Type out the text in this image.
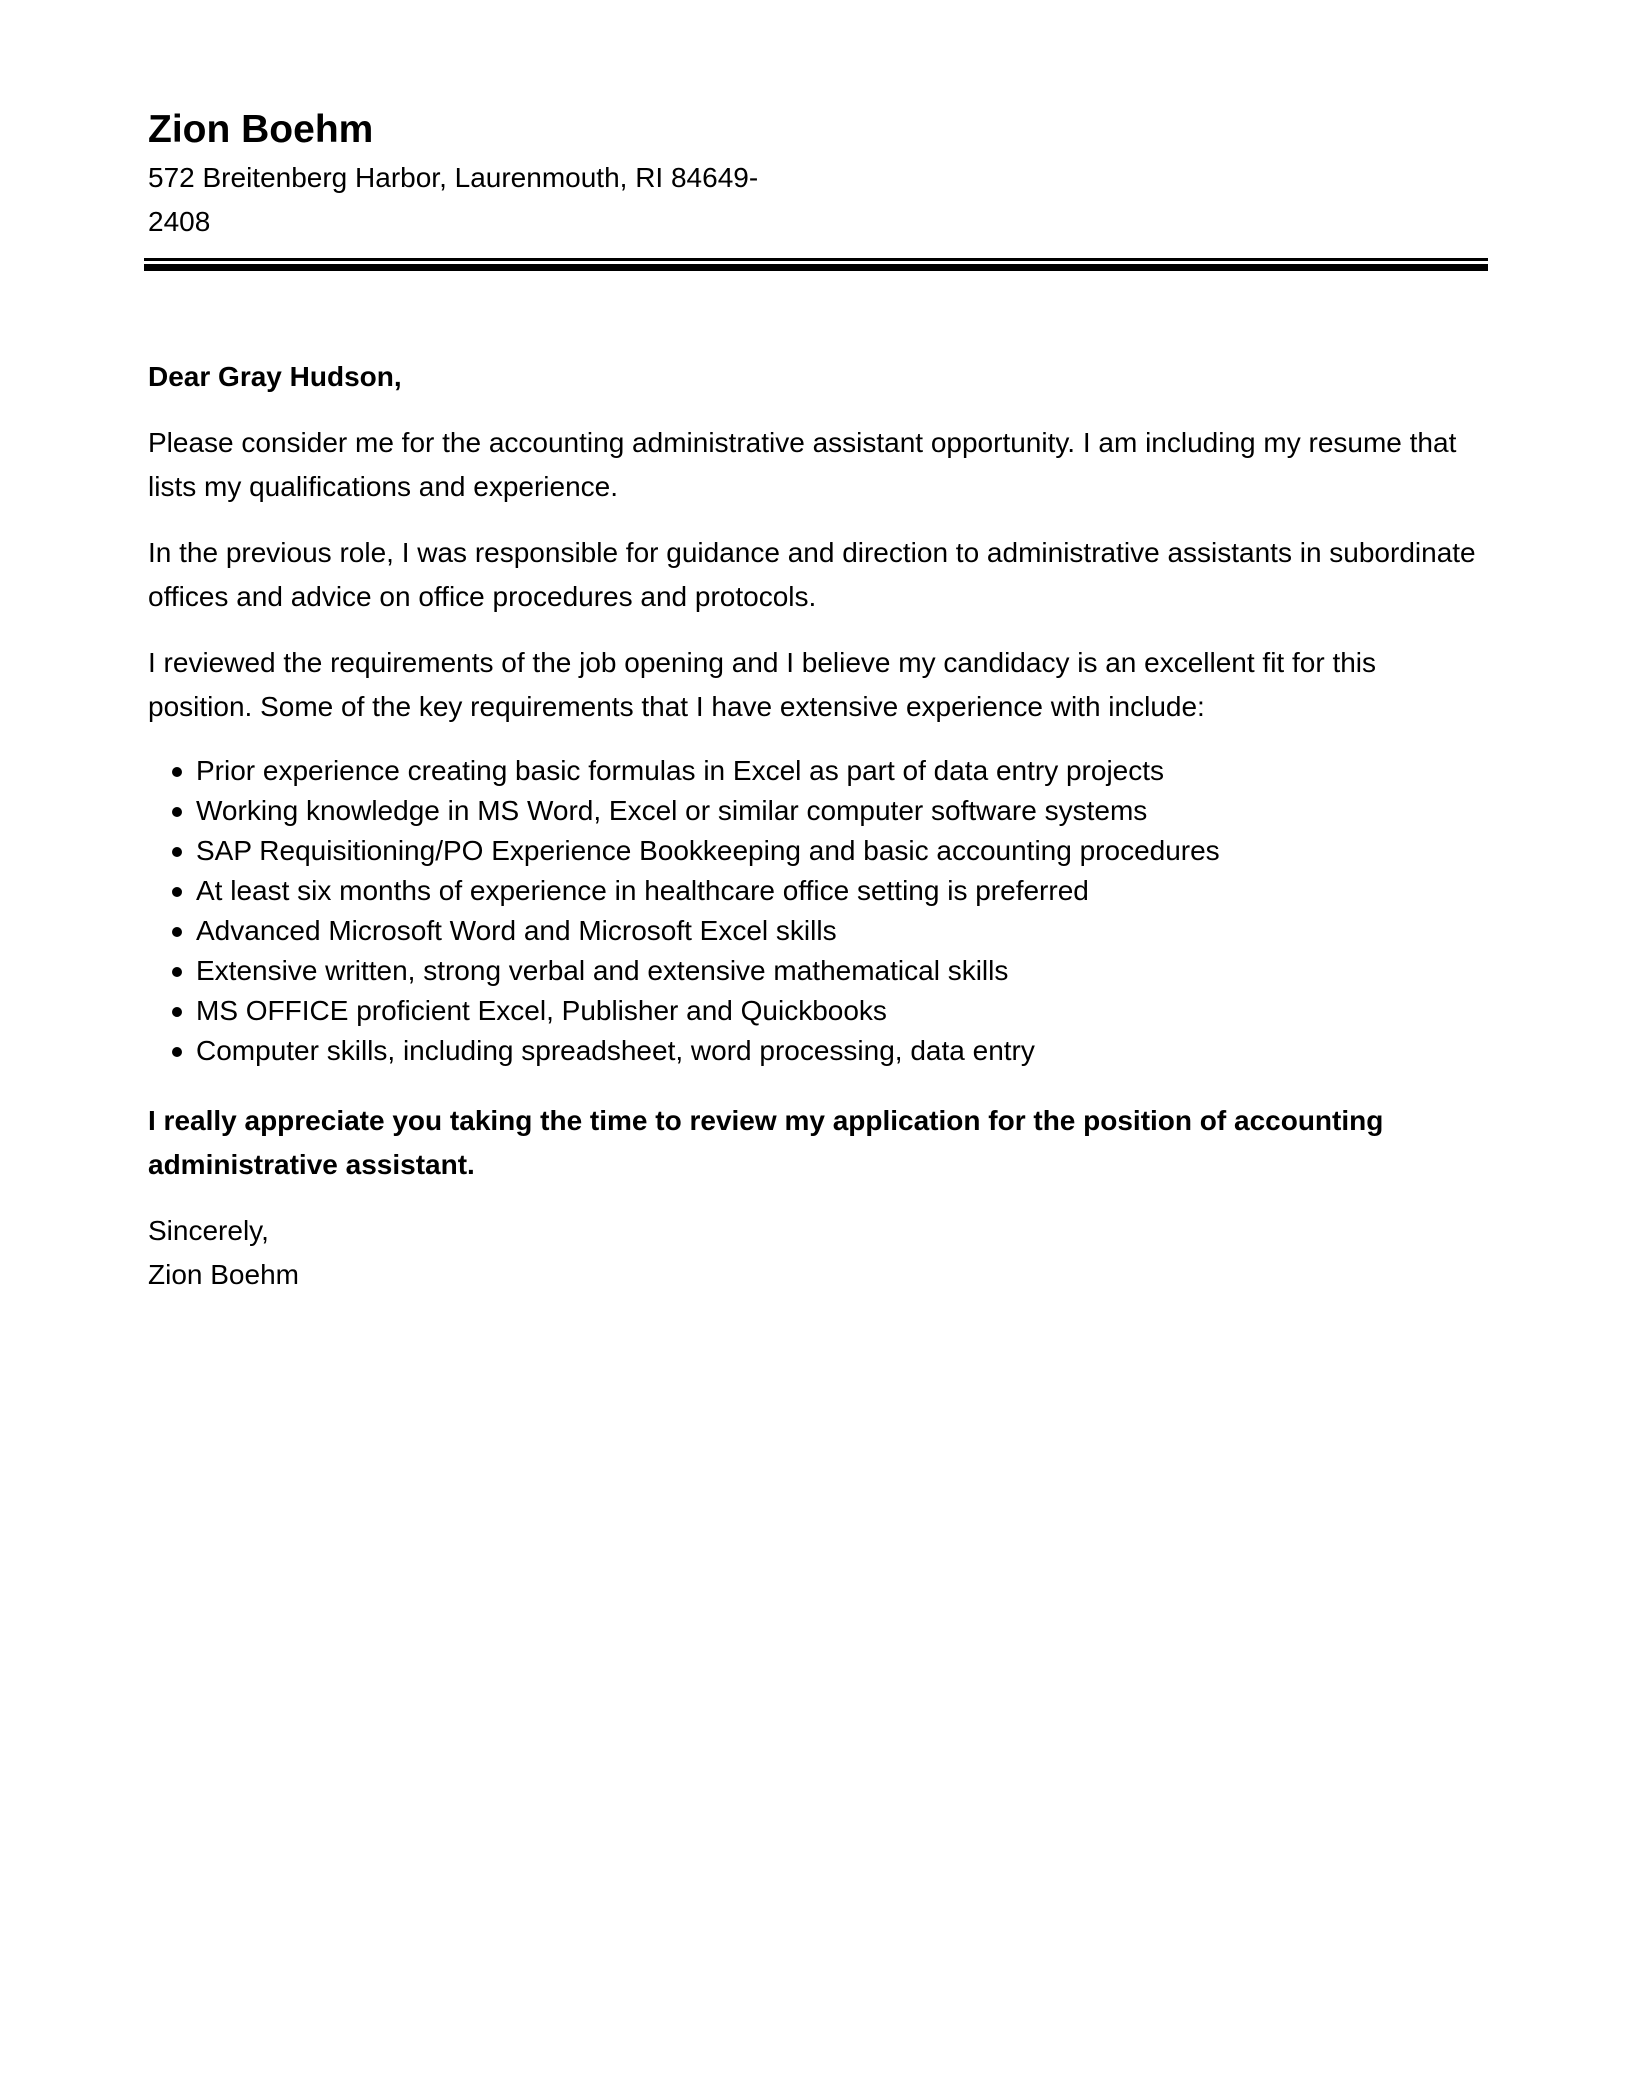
Zion Boehm
572 Breitenberg Harbor, Laurenmouth, RI 84649-
2408

Dear Gray Hudson,

Please consider me for the accounting administrative assistant opportunity. I am including my resume that lists my qualifications and experience.

In the previous role, I was responsible for guidance and direction to administrative assistants in subordinate offices and advice on office procedures and protocols.

I reviewed the requirements of the job opening and I believe my candidacy is an excellent fit for this position. Some of the key requirements that I have extensive experience with include:

Prior experience creating basic formulas in Excel as part of data entry projects
Working knowledge in MS Word, Excel or similar computer software systems
SAP Requisitioning/PO Experience Bookkeeping and basic accounting procedures
At least six months of experience in healthcare office setting is preferred
Advanced Microsoft Word and Microsoft Excel skills
Extensive written, strong verbal and extensive mathematical skills
MS OFFICE proficient Excel, Publisher and Quickbooks
Computer skills, including spreadsheet, word processing, data entry

I really appreciate you taking the time to review my application for the position of accounting administrative assistant.

Sincerely,

Zion Boehm
